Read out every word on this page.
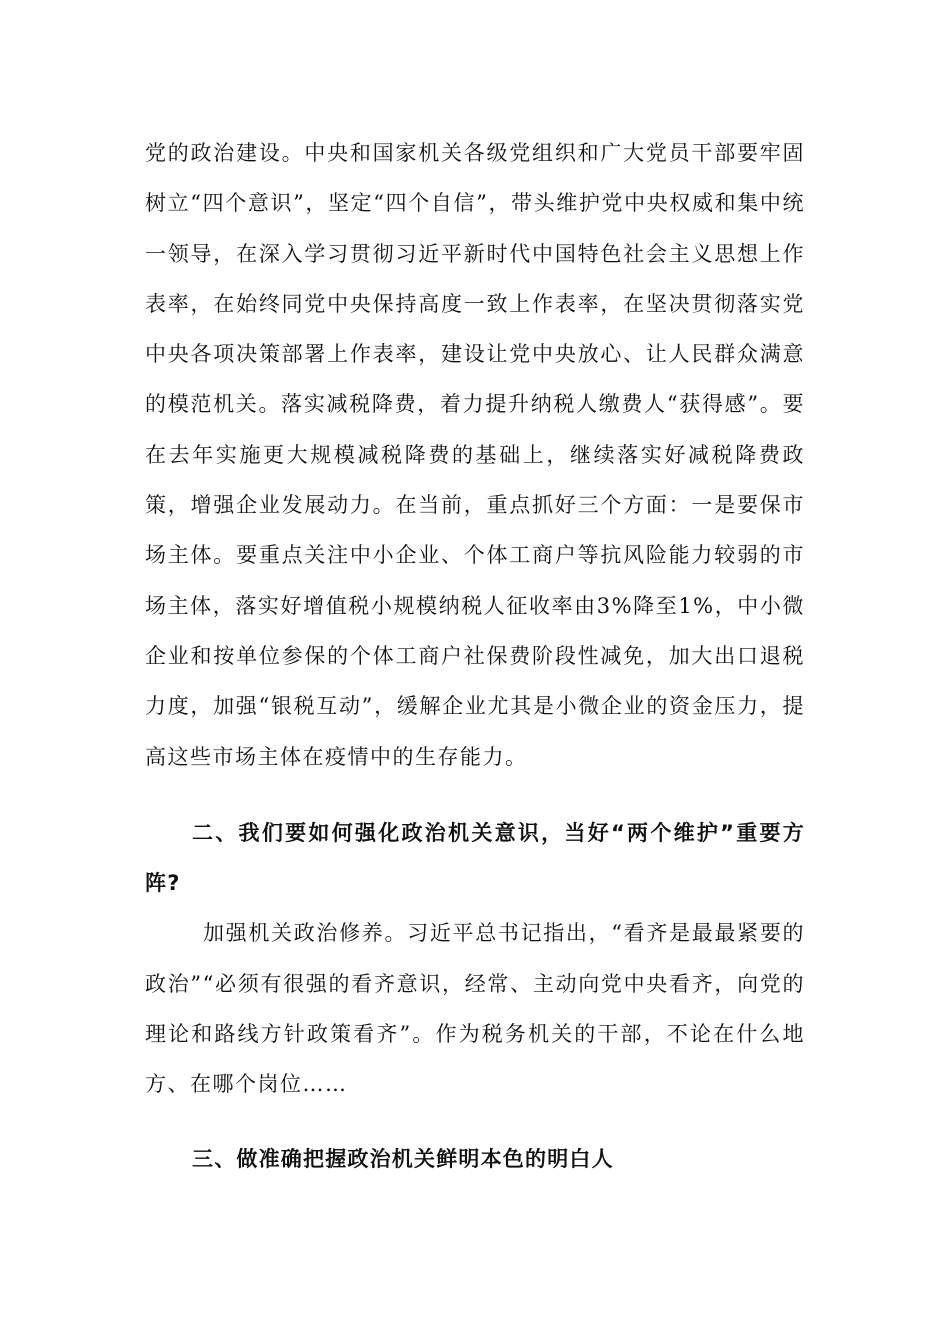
党的政治建设。中央和国家机关各级党组织和广大党员干部要牢固树立“四个意识”，坚定“四个自信”，带头维护党中央权威和集中统一领导，在深入学习贯彻习近平新时代中国特色社会主义思想上作表率，在始终同党中央保持高度一致上作表率，在坚决贯彻落实党中央各项决策部署上作表率，建设让党中央放心、让人民群众满意的模范机关。落实减税降费，着力提升纳税人缴费人“获得感”。要在去年实施更大规模减税降费的基础上，继续落实好减税降费政策，增强企业发展动力。在当前，重点抓好三个方面：一是要保市场主体。要重点关注中小企业、个体工商户等抗风险能力较弱的市场主体，落实好增值税小规模纳税人征收率由3%降至1%，中小微企业和按单位参保的个体工商户社保费阶段性减免，加大出口退税力度，加强“银税互动”，缓解企业尤其是小微企业的资金压力，提高这些市场主体在疫情中的生存能力。

二、我们要如何强化政治机关意识，当好“两个维护”重要方阵?

加强机关政治修养。习近平总书记指出，“看齐是最最紧要的政治”“必须有很强的看齐意识，经常、主动向党中央看齐，向党的理论和路线方针政策看齐”。作为税务机关的干部，不论在什么地方、在哪个岗位……

三、做准确把握政治机关鲜明本色的明白人
